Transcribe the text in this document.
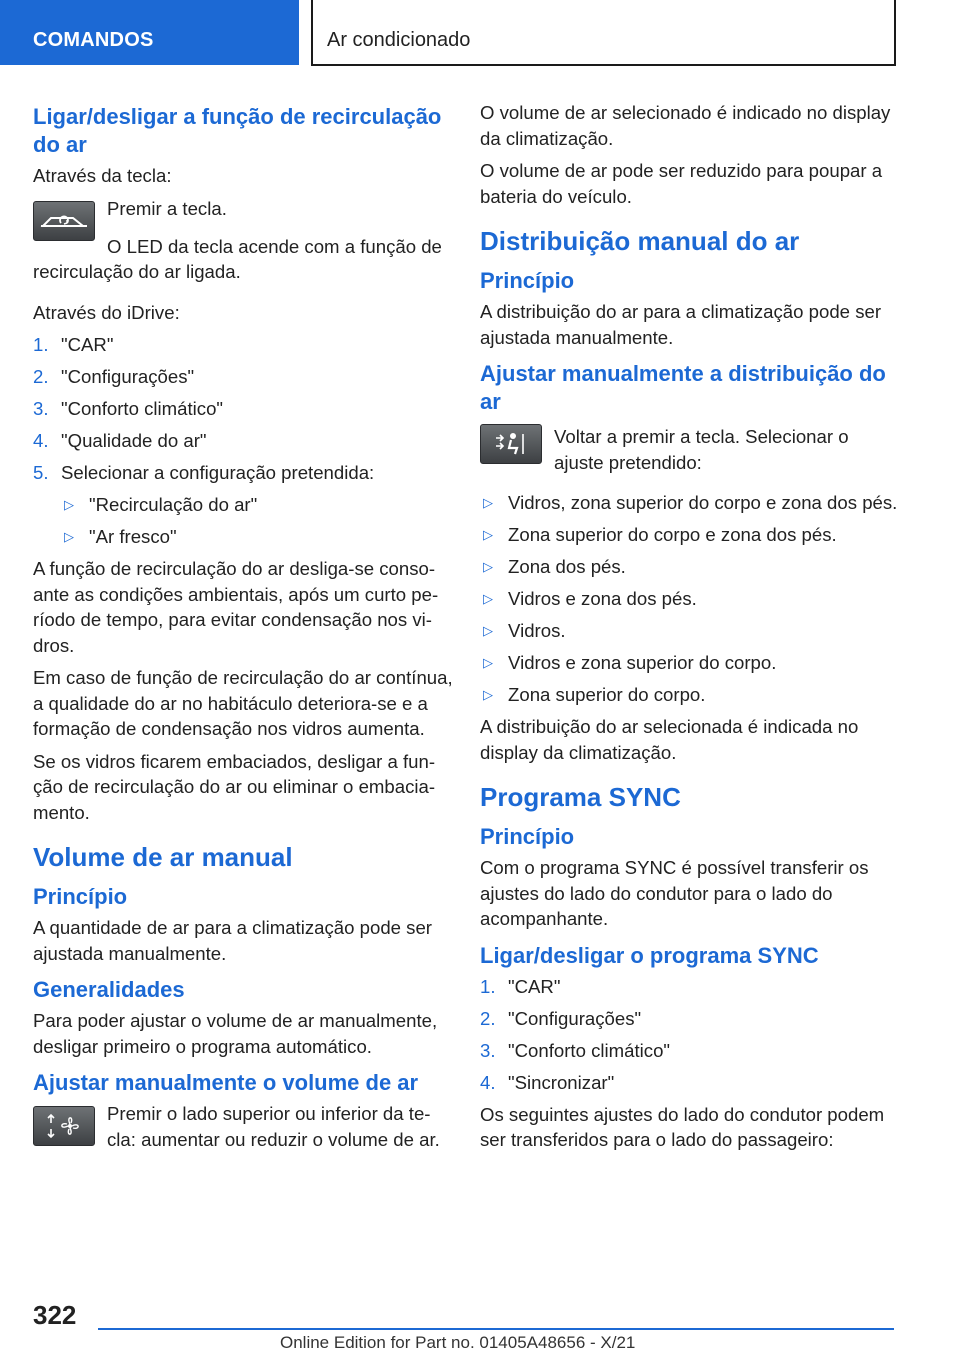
COMANDOS	Ar condicionado
Ligar/desligar a função de recirculação do ar
Através da tecla:
Premir a tecla.
O LED da tecla acende com a função de recirculação do ar ligada.
Através do iDrive:
1. "CAR"
2. "Configurações"
3. "Conforto climático"
4. "Qualidade do ar"
5. Selecionar a configuração pretendida:
▷ "Recirculação do ar"
▷ "Ar fresco"
A função de recirculação do ar desliga-se consoante as condições ambientais, após um curto período de tempo, para evitar condensação nos vidros.
Em caso de função de recirculação do ar contínua, a qualidade do ar no habitáculo deteriora-se e a formação de condensação nos vidros aumenta.
Se os vidros ficarem embaciados, desligar a função de recirculação do ar ou eliminar o embaciamento.
Volume de ar manual
Princípio
A quantidade de ar para a climatização pode ser ajustada manualmente.
Generalidades
Para poder ajustar o volume de ar manualmente, desligar primeiro o programa automático.
Ajustar manualmente o volume de ar
Premir o lado superior ou inferior da tecla: aumentar ou reduzir o volume de ar.
O volume de ar selecionado é indicado no display da climatização.
O volume de ar pode ser reduzido para poupar a bateria do veículo.
Distribuição manual do ar
Princípio
A distribuição do ar para a climatização pode ser ajustada manualmente.
Ajustar manualmente a distribuição do ar
Voltar a premir a tecla. Selecionar o ajuste pretendido:
▷ Vidros, zona superior do corpo e zona dos pés.
▷ Zona superior do corpo e zona dos pés.
▷ Zona dos pés.
▷ Vidros e zona dos pés.
▷ Vidros.
▷ Vidros e zona superior do corpo.
▷ Zona superior do corpo.
A distribuição do ar selecionada é indicada no display da climatização.
Programa SYNC
Princípio
Com o programa SYNC é possível transferir os ajustes do lado do condutor para o lado do acompanhante.
Ligar/desligar o programa SYNC
1. "CAR"
2. "Configurações"
3. "Conforto climático"
4. "Sincronizar"
Os seguintes ajustes do lado do condutor podem ser transferidos para o lado do passageiro:
322
Online Edition for Part no. 01405A48656 - X/21
